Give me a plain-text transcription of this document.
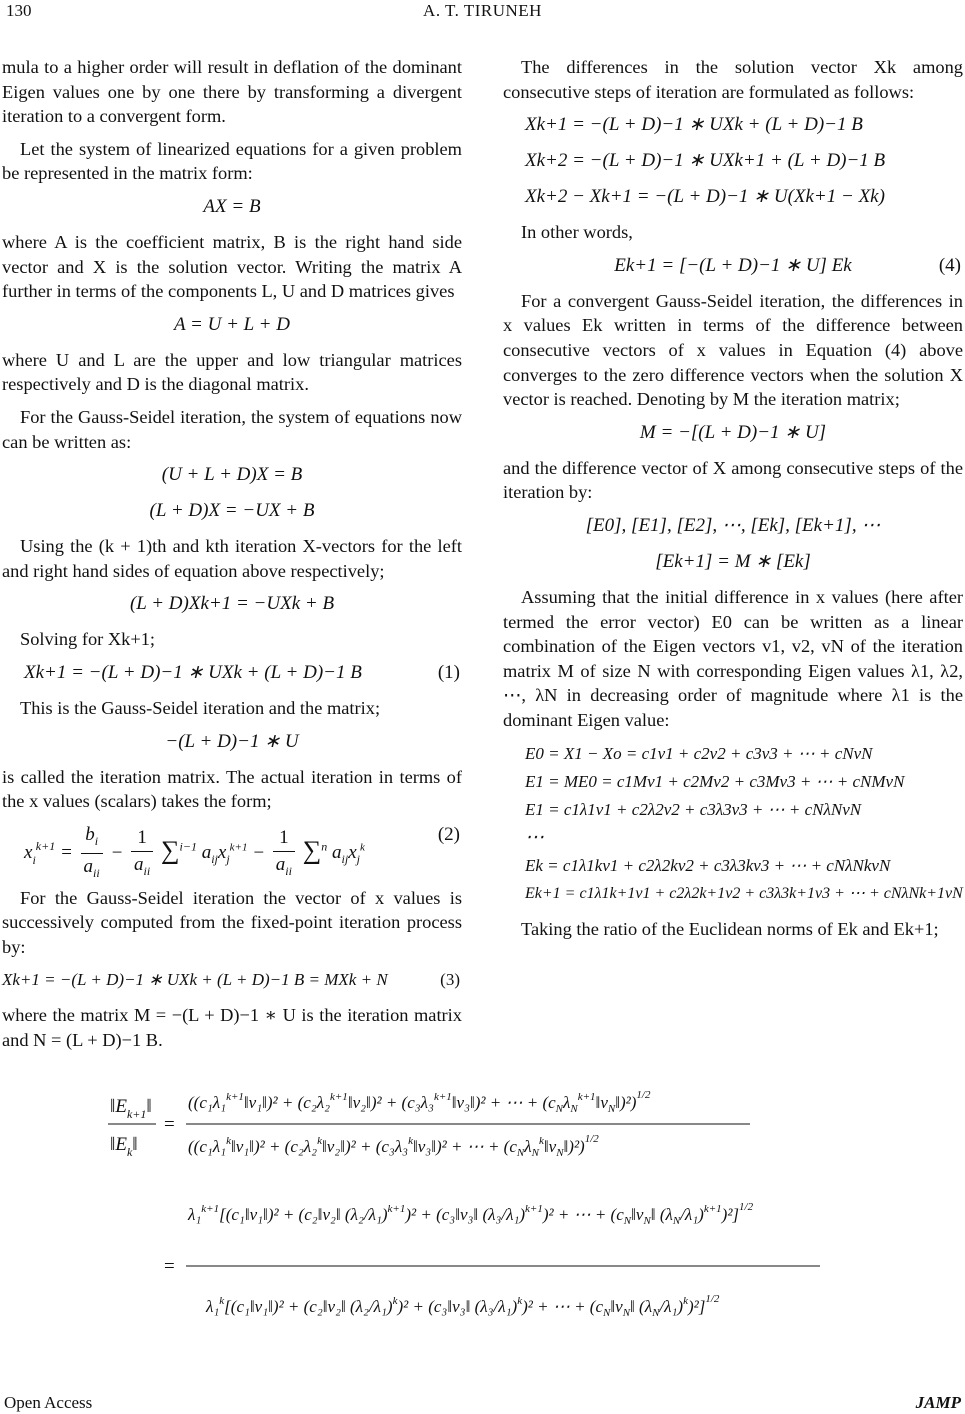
130	A. T. TIRUNEH

mula to a higher order will result in deflation of the dominant Eigen values one by one there by transforming a divergent iteration to a convergent form.

Let the system of linearized equations for a given problem be represented in the matrix form:

AX = B

where A is the coefficient matrix, B is the right hand side vector and X is the solution vector. Writing the matrix A further in terms of the components L, U and D matrices gives

A = U + L + D

where U and L are the upper and low triangular matrices respectively and D is the diagonal matrix.

For the Gauss-Seidel iteration, the system of equations now can be written as:

(U + L + D)X = B
(L + D)X = −UX + B

Using the (k + 1)th and kth iteration X-vectors for the left and right hand sides of equation above respectively;

(L + D)Xk+1 = −UXk + B

Solving for Xk+1;

Xk+1 = −(L + D)−1 ∗ UXk + (L + D)−1 B	(1)

This is the Gauss-Seidel iteration and the matrix;

−(L + D)−1 ∗ U

is called the iteration matrix. The actual iteration in terms of the x values (scalars) takes the form;

$x_i^{k+1} = \frac{b_i}{a_{ii}} - \frac{1}{a_{ii}} \sum^{i-1}$ $a_{ij}x_j^{k+1} - \frac{1}{a_{ii}} \sum^n$ $a_{ij}x_j^k$
(2)

For the Gauss-Seidel iteration the vector of x values is successively computed from the fixed-point iteration process by:

Xk+1 = −(L + D)−1 ∗ UXk + (L + D)−1 B = MXk + N	(3)

where the matrix M = −(L + D)−1 ∗ U is the iteration matrix and N = (L + D)−1 B.

The differences in the solution vector Xk among consecutive steps of iteration are formulated as follows:

Xk+1 = −(L + D)−1 ∗ UXk + (L + D)−1 B
Xk+2 = −(L + D)−1 ∗ UXk+1 + (L + D)−1 B
Xk+2 − Xk+1 = −(L + D)−1 ∗ U(Xk+1 − Xk)

In other words,

Ek+1 = [−(L + D)−1 ∗ U] Ek	(4)

For a convergent Gauss-Seidel iteration, the differences in x values Ek written in terms of the difference between consecutive vectors of x values in Equation (4) above converges to the zero difference vectors when the solution X vector is reached. Denoting by M the iteration matrix;

M = −[(L + D)−1 ∗ U]

and the difference vector of X among consecutive steps of the iteration by:

[E0], [E1], [E2], ⋯, [Ek], [Ek+1], ⋯
[Ek+1] = M ∗ [Ek]

Assuming that the initial difference in x values (here after termed the error vector) E0 can be written as a linear combination of the Eigen vectors v1, v2, vN of the iteration matrix M of size N with corresponding Eigen values λ1, λ2, ⋯, λN in decreasing order of magnitude where λ1 is the dominant Eigen value:

E0 = X1 − Xo = c1v1 + c2v2 + c3v3 + ⋯ + cNvN
E1 = ME0 = c1Mv1 + c2Mv2 + c3Mv3 + ⋯ + cNMvN
E1 = c1λ1v1 + c2λ2v2 + c3λ3v3 + ⋯ + cNλNvN
⋯
Ek = c1λ1kv1 + c2λ2kv2 + c3λ3kv3 + ⋯ + cNλNkvN
Ek+1 = c1λ1k+1v1 + c2λ2k+1v2 + c3λ3k+1v3 + ⋯ + cNλNk+1vN

Taking the ratio of the Euclidean norms of Ek and Ek+1;

$‖E_{k+1}‖$
$‖E_k‖$
=
((c₁λ₁$^{k+1}$‖v₁‖)² + (c₂λ₂$^{k+1}$‖v₂‖)² + (c₃λ₃$^{k+1}$‖v₃‖)² + ⋯ + $(c_N\lambda_N^{k+1}‖v_N‖)^2)^{1/2}$
((c₁λ₁$^k$‖v₁‖)² + (c₂λ₂$^k$‖v₂‖)² + (c₃λ₃$^k$‖v₃‖)² + ⋯ + $(c_N\lambda_N^k‖v_N‖)^2)^{1/2}$
=
λ₁$^{k+1}$[(c₁‖v₁‖)² + (c₂‖v₂‖ $(\lambda_2/\lambda_1)^{k+1})^2$ + (c₃‖v₃‖ $(\lambda_3/\lambda_1)^{k+1})^2$ + ⋯ + ($c_N‖v_N‖$ $(\lambda_N/\lambda_1)^{k+1})^2]^{1/2}$
λ₁$^k$[(c₁‖v₁‖)² + (c₂‖v₂‖ $(\lambda_2/\lambda_1)^k)^2$ + (c₃‖v₃‖ $(\lambda_3/\lambda_1)^k)^2$ + ⋯ + ($c_N‖v_N‖$ $(\lambda_N/\lambda_1)^k)^2]^{1/2}$
Open Access	JAMP
